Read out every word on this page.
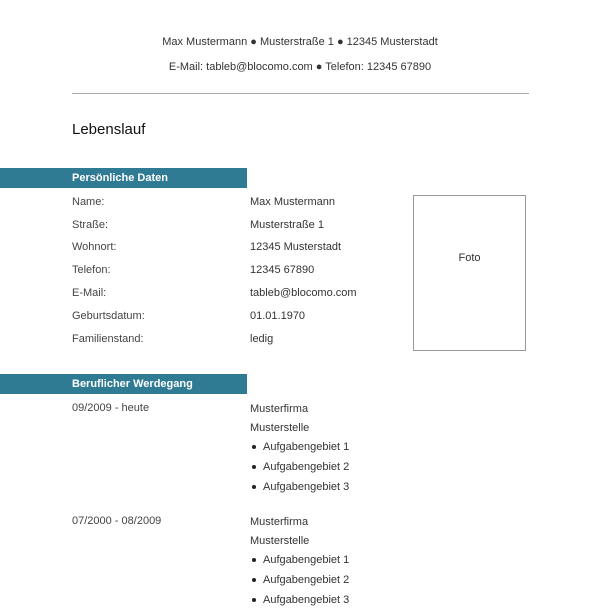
Max Mustermann ● Musterstraße 1 ● 12345 Musterstadt
E-Mail: tableb@blocomo.com ● Telefon: 12345 67890
Lebenslauf
Persönliche Daten
Name:	Max Mustermann
Straße:	Musterstraße 1
Wohnort:	12345 Musterstadt
Telefon:	12345 67890
E-Mail:	tableb@blocomo.com
Geburtsdatum:	01.01.1970
Familienstand:	ledig
Foto
Beruflicher Werdegang
09/2009 - heute	Musterfirma
Musterstelle
Aufgabengebiet 1
Aufgabengebiet 2
Aufgabengebiet 3
07/2000 - 08/2009	Musterfirma
Musterstelle
Aufgabengebiet 1
Aufgabengebiet 2
Aufgabengebiet 3
